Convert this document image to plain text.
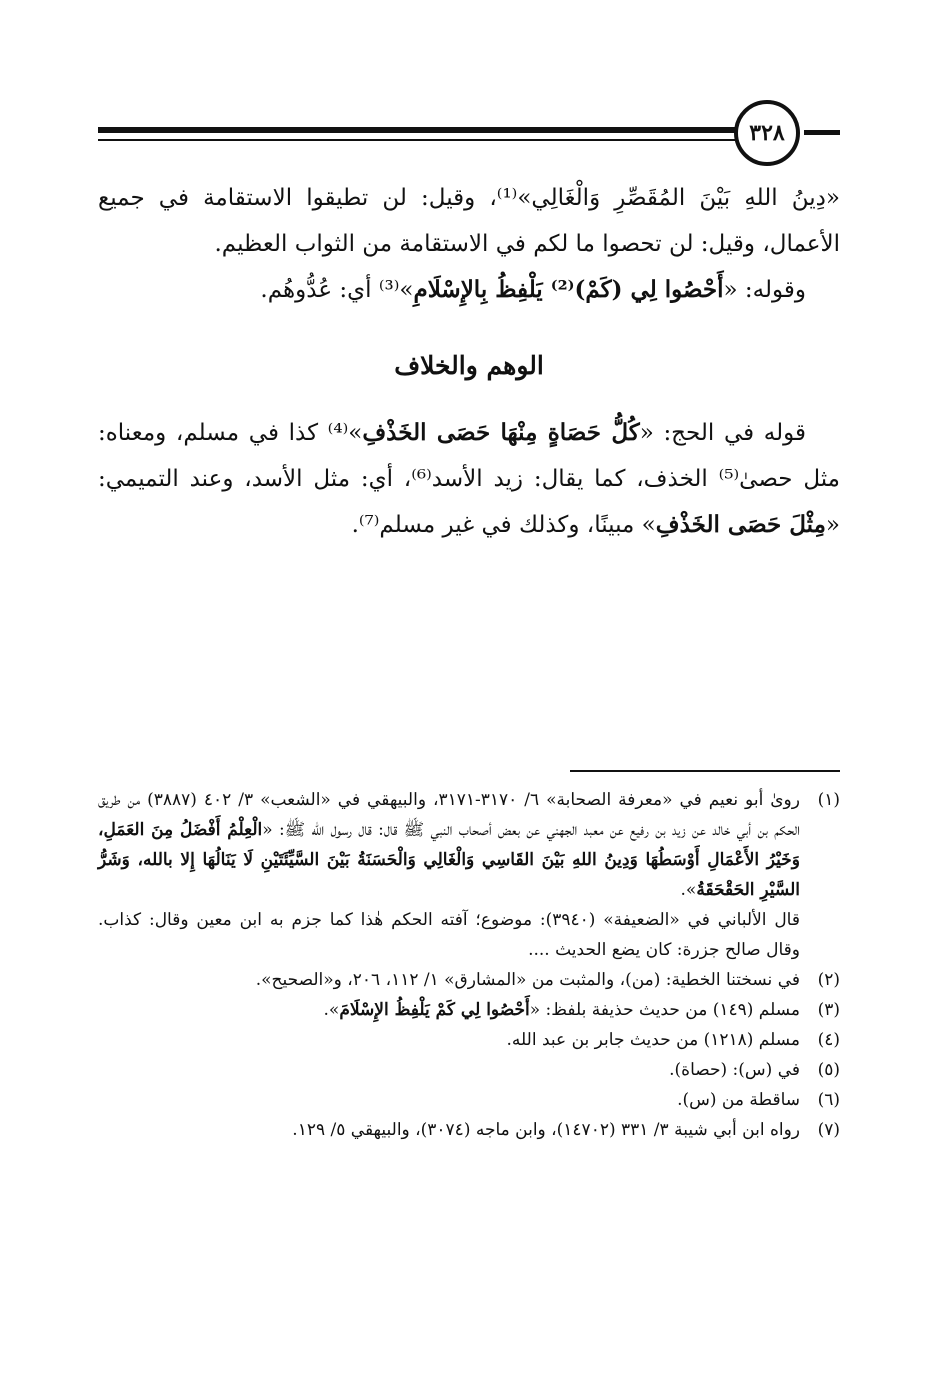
٣٢٨

«دِينُ اللهِ بَيْنَ المُقَصِّرِ وَالْغَالِي»⁽¹⁾، وقيل: لن تطيقوا الاستقامة في جميع الأعمال، وقيل: لن تحصوا ما لكم في الاستقامة من الثواب العظيم.

وقوله: «أَحْصُوا لِي (كَمْ)⁽²⁾ يَلْفِظُ بِالإِسْلَامِ»⁽³⁾ أي: عُدُّوهُم.

الوهم والخلاف

قوله في الحج: «كُلُّ حَصَاةٍ مِنْهَا حَصَى الخَذْفِ»⁽⁴⁾ كذا في مسلم، ومعناه: مثل حصىٰ⁽⁵⁾ الخذف، كما يقال: زيد الأسد⁽⁶⁾، أي: مثل الأسد، وعند التميمي: «مِثْلَ حَصَى الخَذْفِ» مبينًا، وكذلك في غير مسلم⁽⁷⁾.

(١)
روىٰ أبو نعيم في «معرفة الصحابة» ٦/ ٣١٧٠-٣١٧١، والبيهقي في «الشعب» ٣/ ٤٠٢ (٣٨٨٧) من طريق الحكم بن أبي خالد عن زيد بن رفيع عن معبد الجهني عن بعض أصحاب النبي ﷺ قال: قال رسول الله ﷺ: «الْعِلْمُ أَفْضَلُ مِنَ العَمَلِ، وَخَيْرُ الأَعْمَالِ أَوْسَطُهَا وَدِينُ اللهِ بَيْنَ القَاسِي وَالْغَالِي وَالْحَسَنَةُ بَيْنَ السَّيِّئَتَيْنِ لَا يَنَالُهَا إِلا بالله، وَشَرُّ السَّيْرِ الحَقْحَقَةُ».

قال الألباني في «الضعيفة» (٣٩٤٠): موضوع؛ آفته الحكم هٰذا كما جزم به ابن معين وقال: كذاب. وقال صالح جزرة: كان يضع الحديث ....

(٢)
في نسختنا الخطية: (من)، والمثبت من «المشارق» ١/ ١١٢، ٢٠٦، و«الصحيح».

(٣)
مسلم (١٤٩) من حديث حذيفة بلفظ: «أَحْصُوا لِي كَمْ يَلْفِظُ الإِسْلَامَ».

(٤)
مسلم (١٢١٨) من حديث جابر بن عبد الله.

(٥)
في (س): (حصاة).

(٦)
ساقطة من (س).

(٧)
رواه ابن أبي شيبة ٣/ ٣٣١ (١٤٧٠٢)، وابن ماجه (٣٠٧٤)، والبيهقي ٥/ ١٢٩.
